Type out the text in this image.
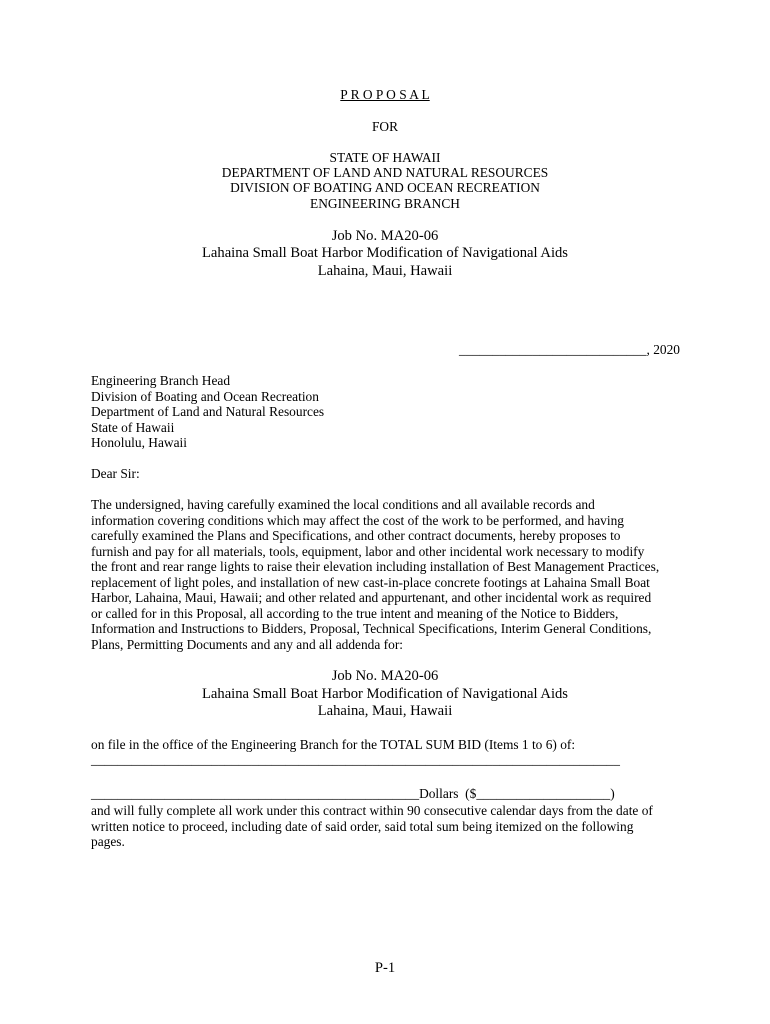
P R O P O S A L
FOR
STATE OF HAWAII
DEPARTMENT OF LAND AND NATURAL RESOURCES
DIVISION OF BOATING AND OCEAN RECREATION
ENGINEERING BRANCH
Job No. MA20-06
Lahaina Small Boat Harbor Modification of Navigational Aids
Lahaina, Maui, Hawaii
____________________________, 2020
Engineering Branch Head
Division of Boating and Ocean Recreation
Department of Land and Natural Resources
State of Hawaii
Honolulu, Hawaii
Dear Sir:
The undersigned, having carefully examined the local conditions and all available records and
information covering conditions which may affect the cost of the work to be performed, and having
carefully examined the Plans and Specifications, and other contract documents, hereby proposes to
furnish and pay for all materials, tools, equipment, labor and other incidental work necessary to modify
the front and rear range lights to raise their elevation including installation of Best Management Practices,
replacement of light poles, and installation of new cast-in-place concrete footings at Lahaina Small Boat
Harbor, Lahaina, Maui, Hawaii; and other related and appurtenant, and other incidental work as required
or called for in this Proposal, all according to the true intent and meaning of the Notice to Bidders,
Information and Instructions to Bidders, Proposal, Technical Specifications, Interim General Conditions,
Plans, Permitting Documents and any and all addenda for:
Job No. MA20-06
Lahaina Small Boat Harbor Modification of Navigational Aids
Lahaina, Maui, Hawaii
on file in the office of the Engineering Branch for the TOTAL SUM BID (Items 1 to 6) of:
_______________________________________________________________________________
_________________________________________________Dollars  ($____________________)
and will fully complete all work under this contract within 90 consecutive calendar days from the date of
written notice to proceed, including date of said order, said total sum being itemized on the following
pages.
P-1
